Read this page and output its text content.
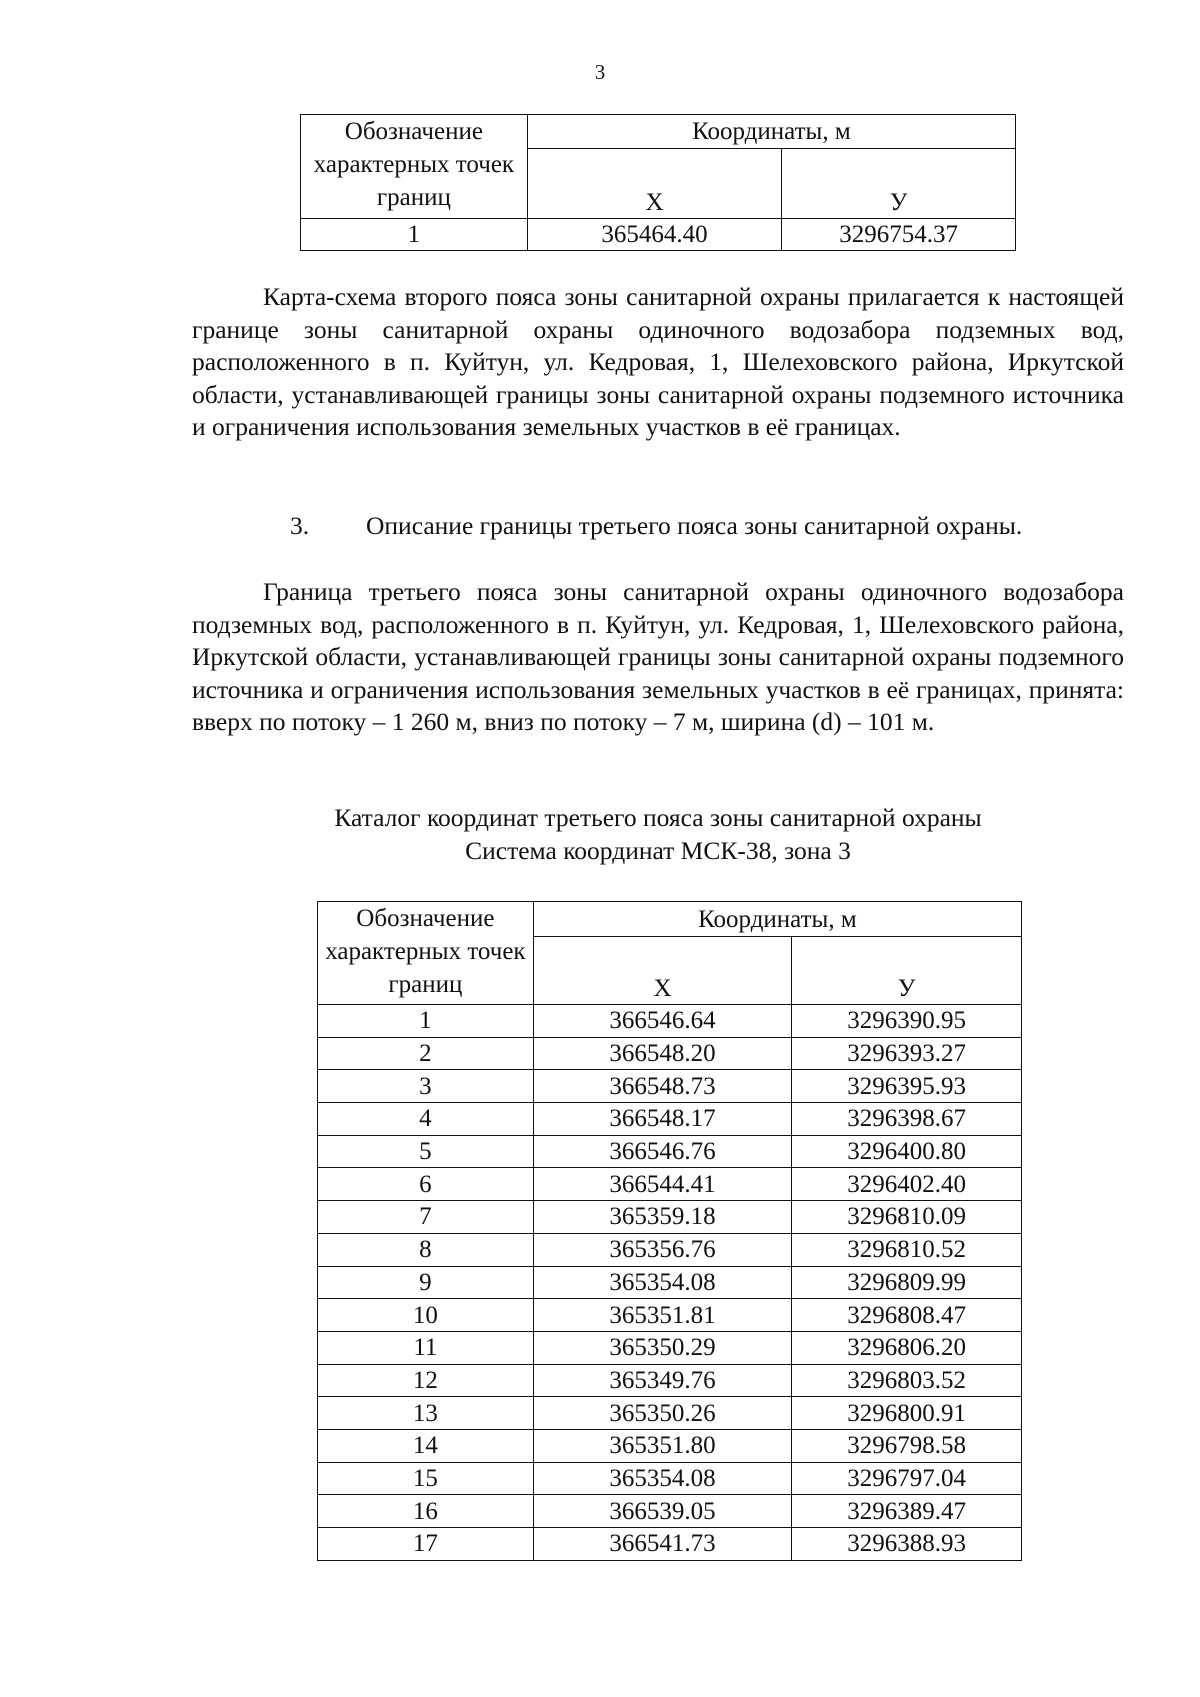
3
Обозначение характерных точек границ	Координаты, м	
	Х	У
1	365464.40	3296754.37

Карта-схема второго пояса зоны санитарной охраны прилагается к настоящей границе зоны санитарной охраны одиночного водозабора подземных вод, расположенного в п. Куйтун, ул. Кедровая, 1, Шелеховского района, Иркутской области, устанавливающей границы зоны санитарной охраны подземного источника и ограничения использования земельных участков в её границах.

3. Описание границы третьего пояса зоны санитарной охраны.

Граница третьего пояса зоны санитарной охраны одиночного водозабора подземных вод, расположенного в п. Куйтун, ул. Кедровая, 1, Шелеховского района, Иркутской области, устанавливающей границы зоны санитарной охраны подземного источника и ограничения использования земельных участков в её границах, принята: вверх по потоку – 1 260 м, вниз по потоку – 7 м, ширина (d) – 101 м.

Каталог координат третьего пояса зоны санитарной охраны
Система координат МСК-38, зона 3
Обозначение характерных точек границ	Координаты, м	
	Х	У
1	366546.64	3296390.95
2	366548.20	3296393.27
3	366548.73	3296395.93
4	366548.17	3296398.67
5	366546.76	3296400.80
6	366544.41	3296402.40
7	365359.18	3296810.09
8	365356.76	3296810.52
9	365354.08	3296809.99
10	365351.81	3296808.47
11	365350.29	3296806.20
12	365349.76	3296803.52
13	365350.26	3296800.91
14	365351.80	3296798.58
15	365354.08	3296797.04
16	366539.05	3296389.47
17	366541.73	3296388.93
